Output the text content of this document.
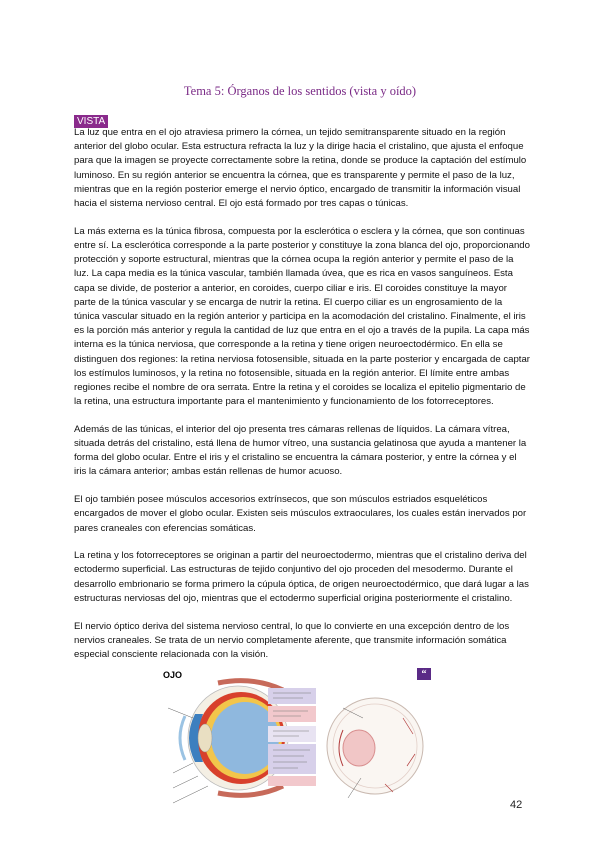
Tema 5: Órganos de los sentidos (vista y oído)
VISTA

La luz que entra en el ojo atraviesa primero la córnea, un tejido semitransparente situado en la región anterior del globo ocular. Esta estructura refracta la luz y la dirige hacia el cristalino, que ajusta el enfoque para que la imagen se proyecte correctamente sobre la retina, donde se produce la captación del estímulo luminoso. En su región anterior se encuentra la córnea, que es transparente y permite el paso de la luz, mientras que en la región posterior emerge el nervio óptico, encargado de transmitir la información visual hacia el sistema nervioso central. El ojo está formado por tres capas o túnicas.

La más externa es la túnica fibrosa, compuesta por la esclerótica o esclera y la córnea, que son continuas entre sí. La esclerótica corresponde a la parte posterior y constituye la zona blanca del ojo, proporcionando protección y soporte estructural, mientras que la córnea ocupa la región anterior y permite el paso de la luz. La capa media es la túnica vascular, también llamada úvea, que es rica en vasos sanguíneos. Esta capa se divide, de posterior a anterior, en coroides, cuerpo ciliar e iris. El coroides constituye la mayor parte de la túnica vascular y se encarga de nutrir la retina. El cuerpo ciliar es un engrosamiento de la túnica vascular situado en la región anterior y participa en la acomodación del cristalino. Finalmente, el iris es la porción más anterior y regula la cantidad de luz que entra en el ojo a través de la pupila. La capa más interna es la túnica nerviosa, que corresponde a la retina y tiene origen neuroectodérmico. En ella se distinguen dos regiones: la retina nerviosa fotosensible, situada en la parte posterior y encargada de captar los estímulos luminosos, y la retina no fotosensible, situada en la región anterior. El límite entre ambas regiones recibe el nombre de ora serrata. Entre la retina y el coroides se localiza el epitelio pigmentario de la retina, una estructura importante para el mantenimiento y funcionamiento de los fotorreceptores.

Además de las túnicas, el interior del ojo presenta tres cámaras rellenas de líquidos. La cámara vítrea, situada detrás del cristalino, está llena de humor vítreo, una sustancia gelatinosa que ayuda a mantener la forma del globo ocular. Entre el iris y el cristalino se encuentra la cámara posterior, y entre la córnea y el iris la cámara anterior; ambas están rellenas de humor acuoso.

El ojo también posee músculos accesorios extrínsecos, que son músculos estriados esqueléticos encargados de mover el globo ocular. Existen seis músculos extraoculares, los cuales están inervados por pares craneales con eferencias somáticas.

La retina y los fotorreceptores se originan a partir del neuroectodermo, mientras que el cristalino deriva del ectodermo superficial. Las estructuras de tejido conjuntivo del ojo proceden del mesodermo. Durante el desarrollo embrionario se forma primero la cúpula óptica, de origen neuroectodérmico, que dará lugar a las estructuras nerviosas del ojo, mientras que el ectodermo superficial origina posteriormente el cristalino.

El nervio óptico deriva del sistema nervioso central, lo que lo convierte en una excepción dentro de los nervios craneales. Se trata de un nervio completamente aferente, que transmite información somática especial consciente relacionada con la visión.

OJO	“
42
